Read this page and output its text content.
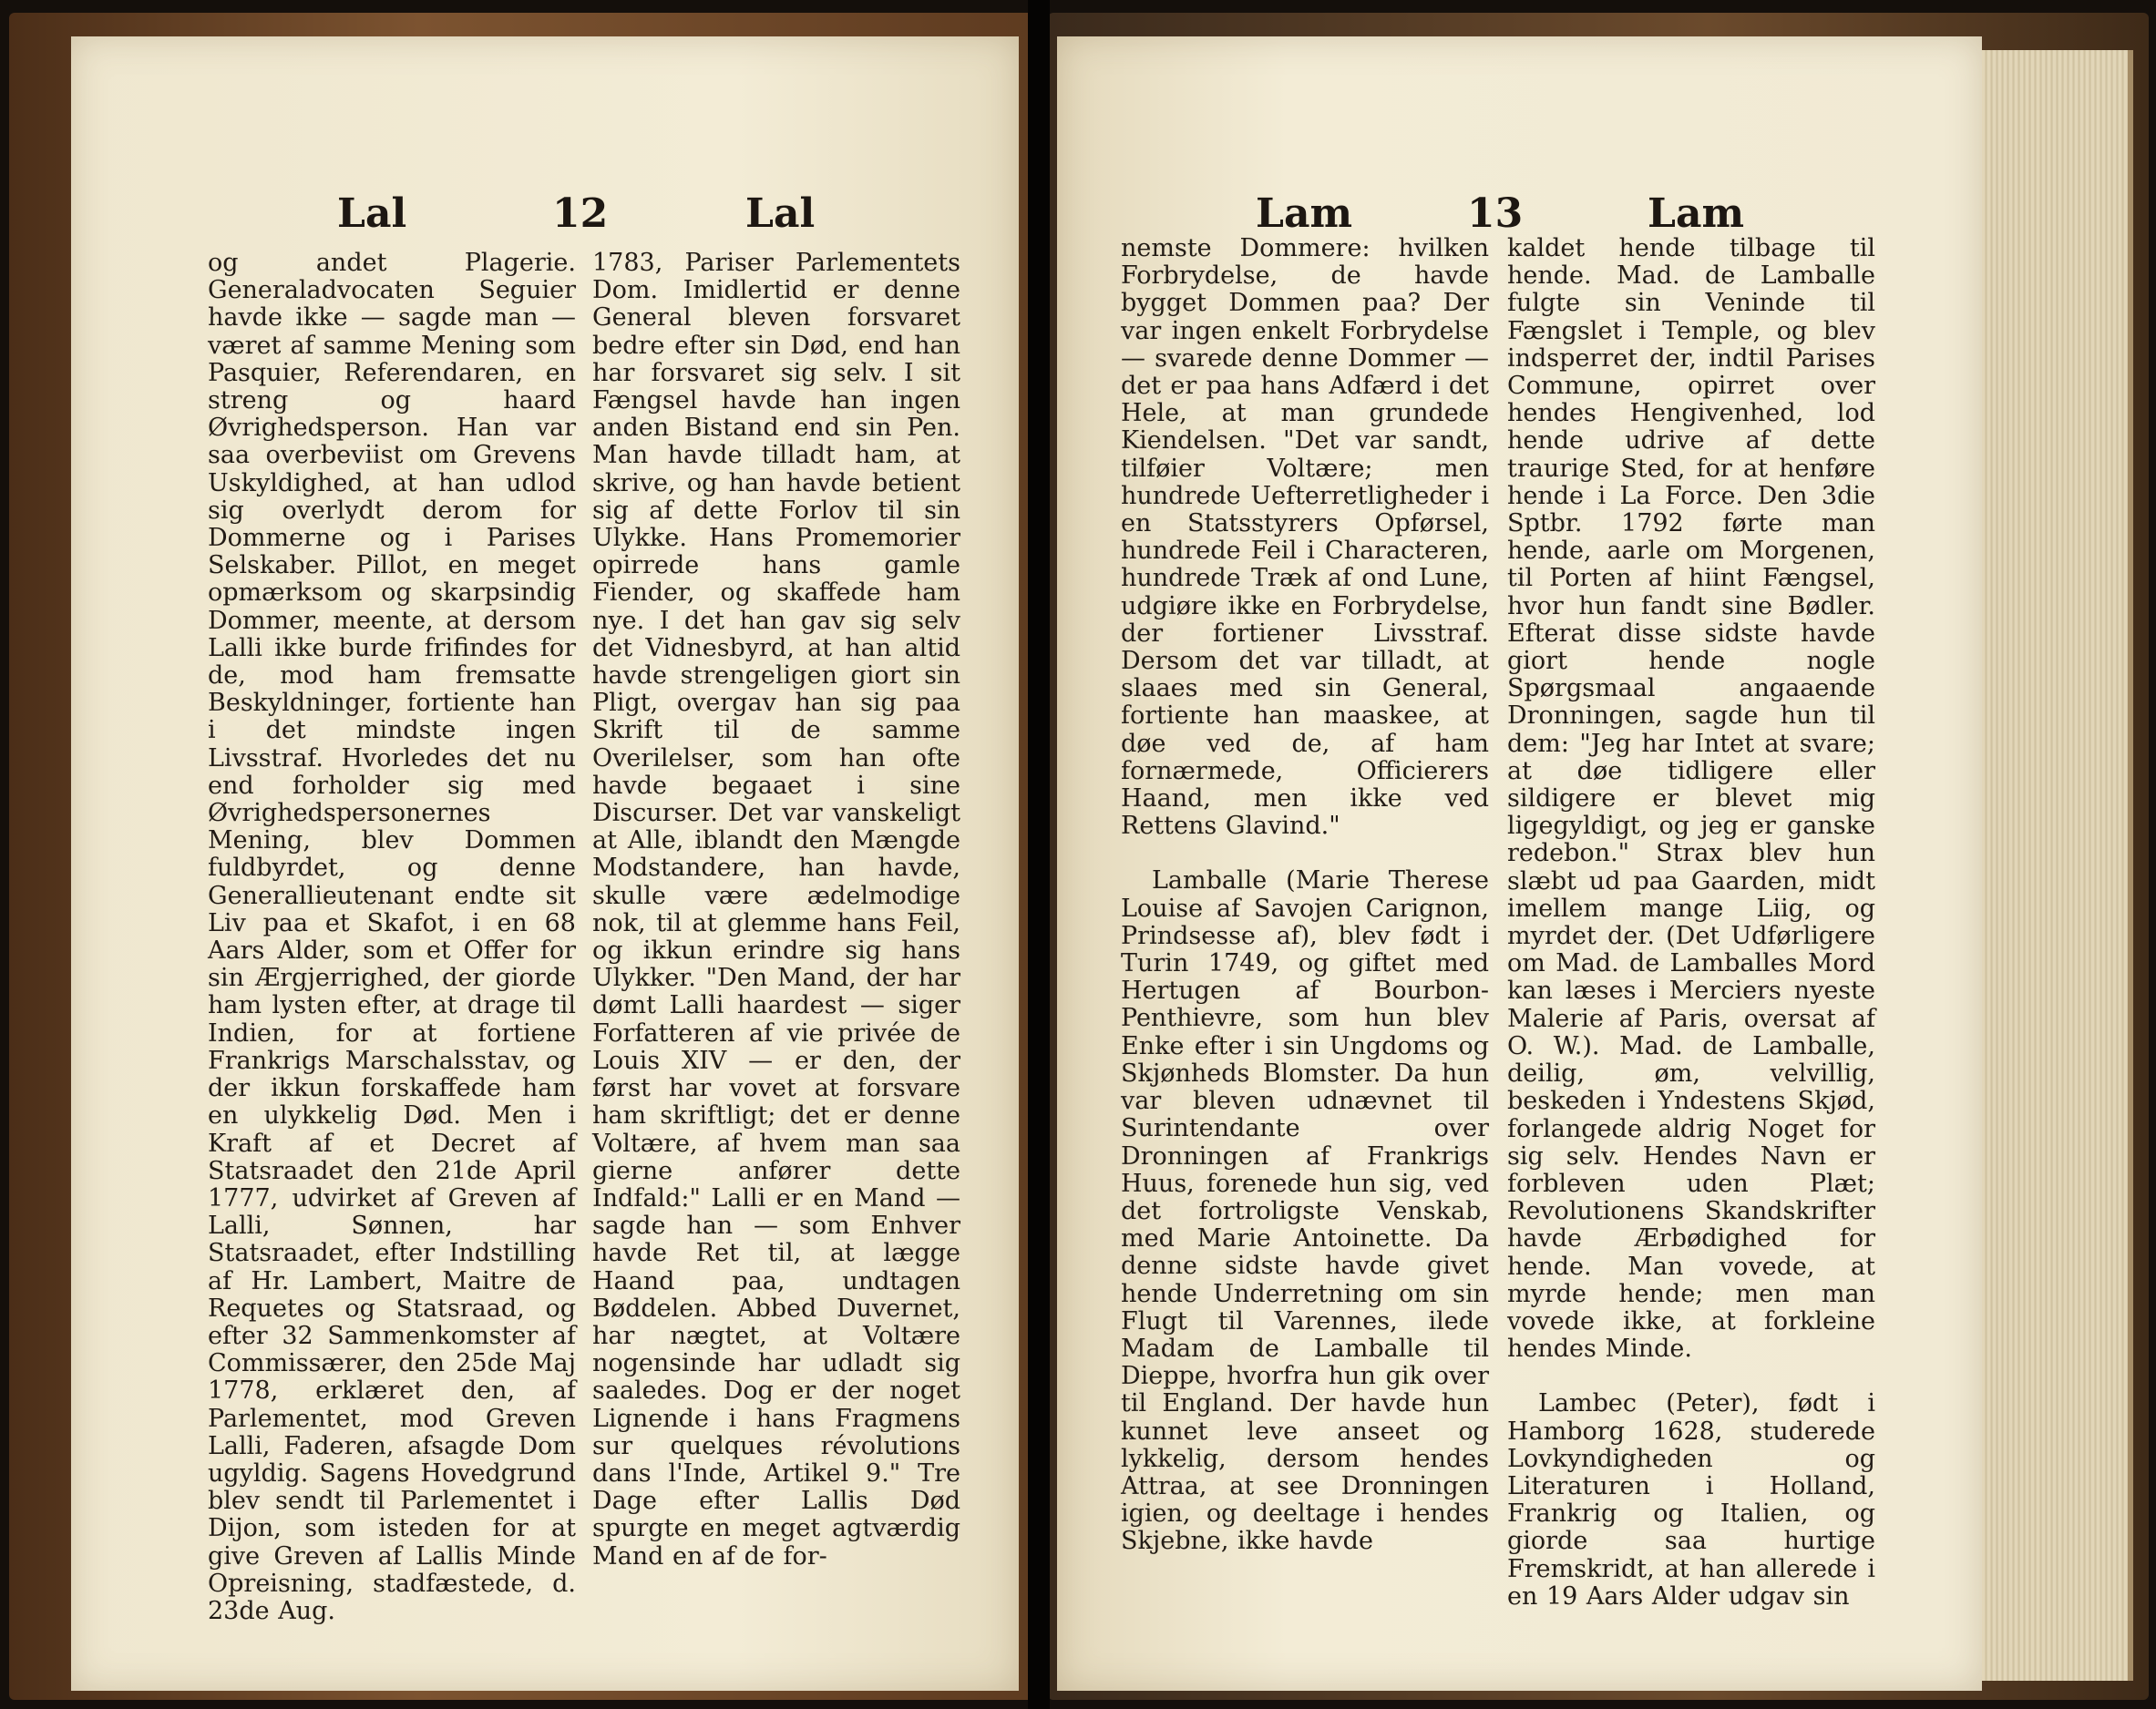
Lal	12	Lal

og andet Plagerie. Generaladvocaten Seguier havde ikke — sagde man — været af samme Mening som Pasquier, Referendaren, en streng og haard Øvrighedsperson. Han var saa overbeviist om Grevens Uskyldighed, at han udlod sig overlydt derom for Dommerne og i Parises Selskaber. Pillot, en meget opmærksom og skarpsindig Dommer, meente, at dersom Lalli ikke burde frifindes for de, mod ham fremsatte Beskyldninger, fortiente han i det mindste ingen Livsstraf. Hvorledes det nu end forholder sig med Øvrighedspersonernes Mening, blev Dommen fuldbyrdet, og denne Generallieutenant endte sit Liv paa et Skafot, i en 68 Aars Alder, som et Offer for sin Ærgjerrighed, der giorde ham lysten efter, at drage til Indien, for at fortiene Frankrigs Marschalsstav, og der ikkun forskaffede ham en ulykkelig Død. Men i Kraft af et Decret af Statsraadet den 21de April 1777, udvirket af Greven af Lalli, Sønnen, har Statsraadet, efter Indstilling af Hr. Lambert, Maitre de Requetes og Statsraad, og efter 32 Sammenkomster af Commissærer, den 25de Maj 1778, erklæret den, af Parlementet, mod Greven Lalli, Faderen, afsagde Dom ugyldig. Sagens Hovedgrund blev sendt til Parlementet i Dijon, som isteden for at give Greven af Lallis Minde Opreisning, stadfæstede, d. 23de Aug.

1783, Pariser Parlementets Dom. Imidlertid er denne General bleven forsvaret bedre efter sin Død, end han har forsvaret sig selv. I sit Fængsel havde han ingen anden Bistand end sin Pen. Man havde tilladt ham, at skrive, og han havde betient sig af dette Forlov til sin Ulykke. Hans Promemorier opirrede hans gamle Fiender, og skaffede ham nye. I det han gav sig selv det Vidnesbyrd, at han altid havde strengeligen giort sin Pligt, overgav han sig paa Skrift til de samme Overilelser, som han ofte havde begaaet i sine Discurser. Det var vanskeligt at Alle, iblandt den Mængde Modstandere, han havde, skulle være ædelmodige nok, til at glemme hans Feil, og ikkun erindre sig hans Ulykker. "Den Mand, der har dømt Lalli haardest — siger Forfatteren af vie privée de Louis XIV — er den, der først har vovet at forsvare ham skriftligt; det er denne Voltære, af hvem man saa gierne anfører dette Indfald:" Lalli er en Mand — sagde han — som Enhver havde Ret til, at lægge Haand paa, undtagen Bøddelen. Abbed Duvernet, har nægtet, at Voltære nogensinde har udladt sig saaledes. Dog er der noget Lignende i hans Fragmens sur quelques révolutions dans l'Inde, Artikel 9." Tre Dage efter Lallis Død spurgte en meget agtværdig Mand en af de for-

Lam	13	Lam

nemste Dommere: hvilken Forbrydelse, de havde bygget Dommen paa? Der var ingen enkelt Forbrydelse — svarede denne Dommer — det er paa hans Adfærd i det Hele, at man grundede Kiendelsen. "Det var sandt, tilføier Voltære; men hundrede Uefterretligheder i en Statsstyrers Opførsel, hundrede Feil i Characteren, hundrede Træk af ond Lune, udgiøre ikke en Forbrydelse, der fortiener Livsstraf. Dersom det var tilladt, at slaaes med sin General, fortiente han maaskee, at døe ved de, af ham fornærmede, Officierers Haand, men ikke ved Rettens Glavind."

Lamballe (Marie Therese Louise af Savojen Carignon, Prindsesse af), blev født i Turin 1749, og giftet med Hertugen af Bourbon-Penthievre, som hun blev Enke efter i sin Ungdoms og Skjønheds Blomster. Da hun var bleven udnævnet til Surintendante over Dronningen af Frankrigs Huus, forenede hun sig, ved det fortroligste Venskab, med Marie Antoinette. Da denne sidste havde givet hende Underretning om sin Flugt til Varennes, ilede Madam de Lamballe til Dieppe, hvorfra hun gik over til England. Der havde hun kunnet leve anseet og lykkelig, dersom hendes Attraa, at see Dronningen igien, og deeltage i hendes Skjebne, ikke havde

kaldet hende tilbage til hende. Mad. de Lamballe fulgte sin Veninde til Fængslet i Temple, og blev indsperret der, indtil Parises Commune, opirret over hendes Hengivenhed, lod hende udrive af dette traurige Sted, for at henføre hende i La Force. Den 3die Sptbr. 1792 førte man hende, aarle om Morgenen, til Porten af hiint Fængsel, hvor hun fandt sine Bødler. Efterat disse sidste havde giort hende nogle Spørgsmaal angaaende Dronningen, sagde hun til dem: "Jeg har Intet at svare; at døe tidligere eller sildigere er blevet mig ligegyldigt, og jeg er ganske redebon." Strax blev hun slæbt ud paa Gaarden, midt imellem mange Liig, og myrdet der. (Det Udførligere om Mad. de Lamballes Mord kan læses i Merciers nyeste Malerie af Paris, oversat af O. W.). Mad. de Lamballe, deilig, øm, velvillig, beskeden i Yndestens Skjød, forlangede aldrig Noget for sig selv. Hendes Navn er forbleven uden Plæt; Revolutionens Skandskrifter havde Ærbødighed for hende. Man vovede, at myrde hende; men man vovede ikke, at forkleine hendes Minde.

Lambec (Peter), født i Hamborg 1628, studerede Lovkyndigheden og Literaturen i Holland, Frankrig og Italien, og giorde saa hurtige Fremskridt, at han allerede i en 19 Aars Alder udgav sin
